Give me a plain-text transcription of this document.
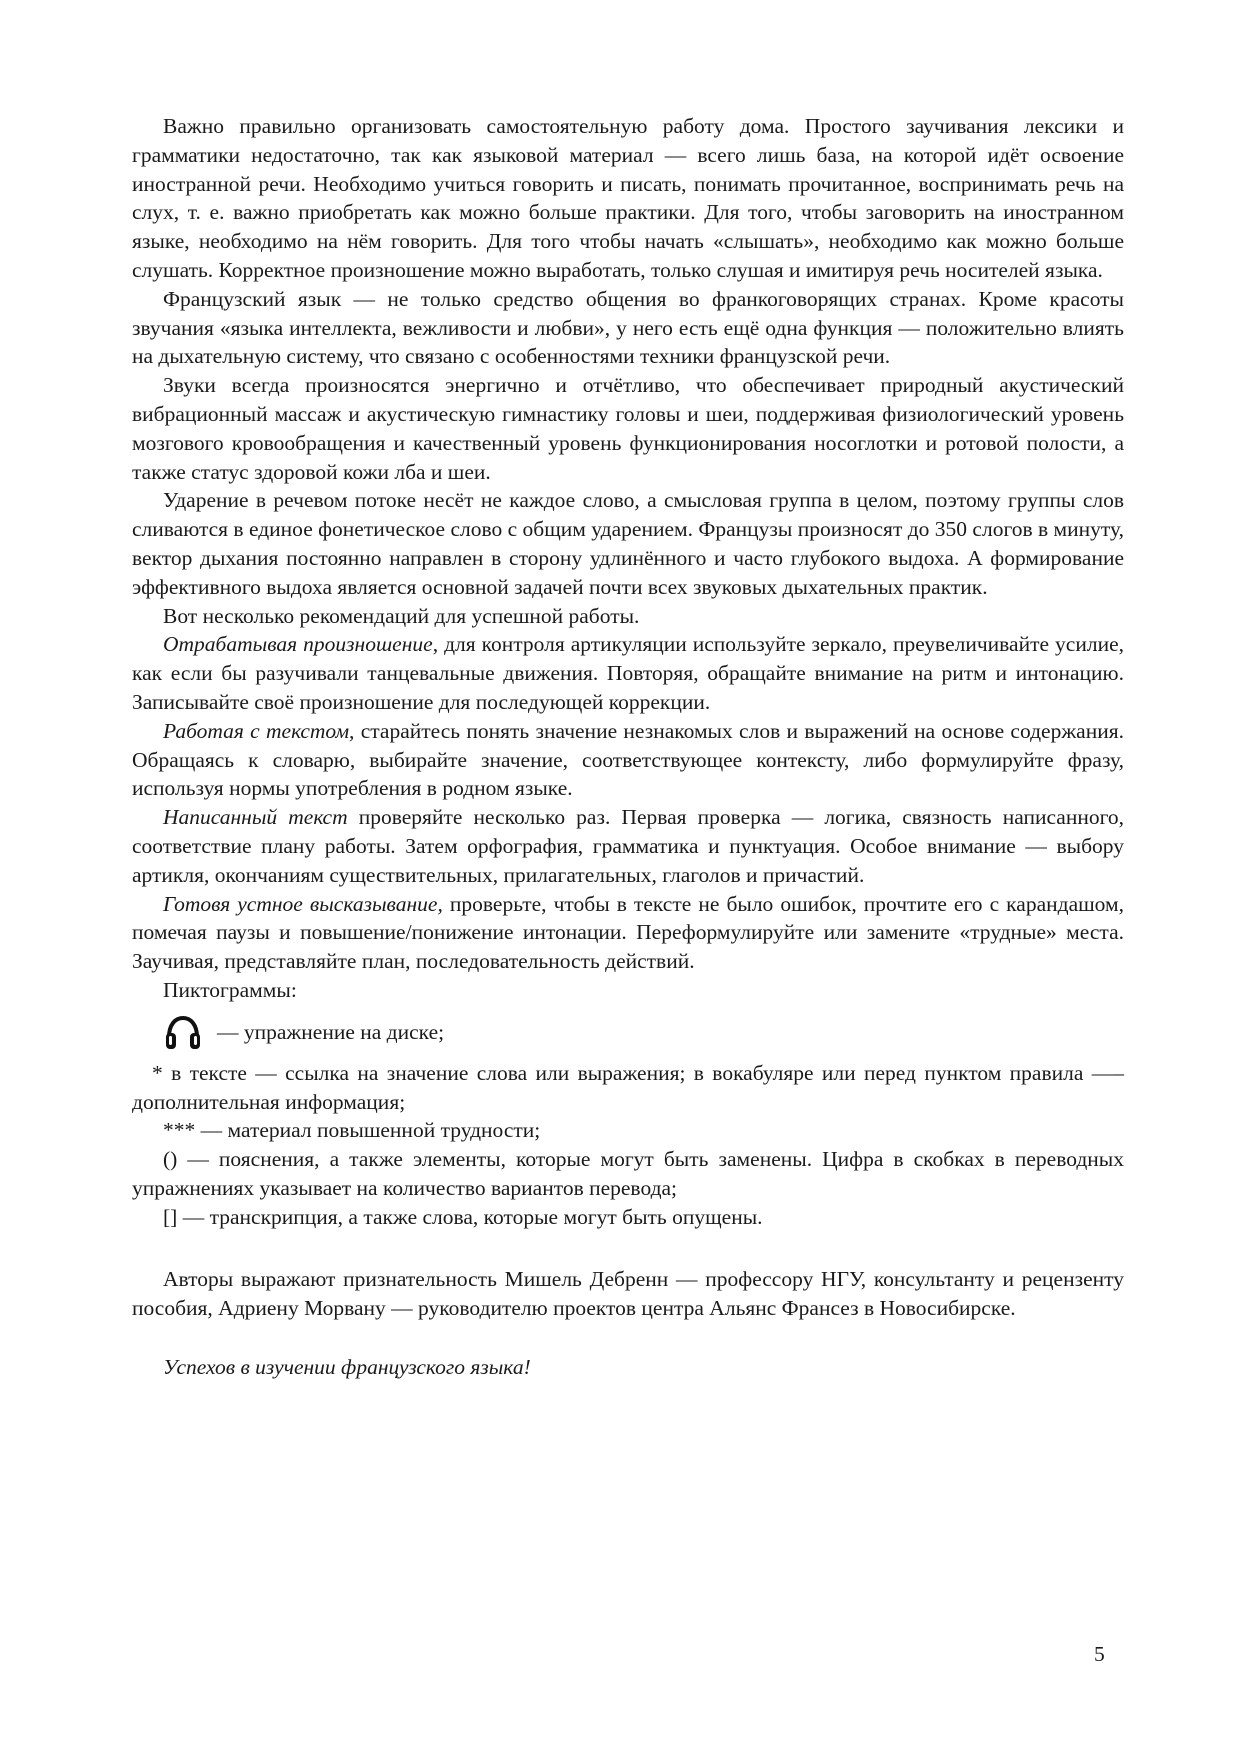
Важно правильно организовать самостоятельную работу дома. Простого заучивания лексики и грамматики недостаточно, так как языковой материал — всего лишь база, на которой идёт освоение иностранной речи. Необходимо учиться говорить и писать, понимать прочитанное, воспринимать речь на слух, т. е. важно приобретать как можно больше практики. Для того, чтобы заговорить на иностранном языке, необходимо на нём говорить. Для того чтобы начать «слышать», необходимо как можно больше слушать. Корректное произношение можно выработать, только слушая и имитируя речь носителей языка.

Французский язык — не только средство общения во франкоговорящих странах. Кроме красоты звучания «языка интеллекта, вежливости и любви», у него есть ещё одна функция — положительно влиять на дыхательную систему, что связано с особенностями техники французской речи.

Звуки всегда произносятся энергично и отчётливо, что обеспечивает природный акустический вибрационный массаж и акустическую гимнастику головы и шеи, поддерживая физиологический уровень мозгового кровообращения и качественный уровень функционирования носоглотки и ротовой полости, а также статус здоровой кожи лба и шеи.

Ударение в речевом потоке несёт не каждое слово, а смысловая группа в целом, поэтому группы слов сливаются в единое фонетическое слово с общим ударением. Французы произносят до 350 слогов в минуту, вектор дыхания постоянно направлен в сторону удлинённого и часто глубокого выдоха. А формирование эффективного выдоха является основной задачей почти всех звуковых дыхательных практик.

Вот несколько рекомендаций для успешной работы.

Отрабатывая произношение, для контроля артикуляции используйте зеркало, преувеличивайте усилие, как если бы разучивали танцевальные движения. Повторяя, обращайте внимание на ритм и интонацию. Записывайте своё произношение для последующей коррекции.

Работая с текстом, старайтесь понять значение незнакомых слов и выражений на основе содержания. Обращаясь к словарю, выбирайте значение, соответствующее контексту, либо формулируйте фразу, используя нормы употребления в родном языке.

Написанный текст проверяйте несколько раз. Первая проверка — логика, связность написанного, соответствие плану работы. Затем орфография, грамматика и пунктуация. Особое внимание — выбору артикля, окончаниям существительных, прилагательных, глаголов и причастий.

Готовя устное высказывание, проверьте, чтобы в тексте не было ошибок, прочтите его с карандашом, помечая паузы и повышение/понижение интонации. Переформулируйте или замените «трудные» места. Заучивая, представляйте план, последовательность действий.

Пиктограммы:

— упражнение на диске;

* в тексте — ссылка на значение слова или выражения; в вокабуляре или перед пунктом правила —– дополнительная информация;

*** — материал повышенной трудности;

() — пояснения, а также элементы, которые могут быть заменены. Цифра в скобках в переводных упражнениях указывает на количество вариантов перевода;

[] — транскрипция, а также слова, которые могут быть опущены.

Авторы выражают признательность Мишель Дебренн — профессору НГУ, консультанту и рецензенту пособия, Адриену Морвану — руководителю проектов центра Альянс Франсез в Новосибирске.

Успехов в изучении французского языка!

5
